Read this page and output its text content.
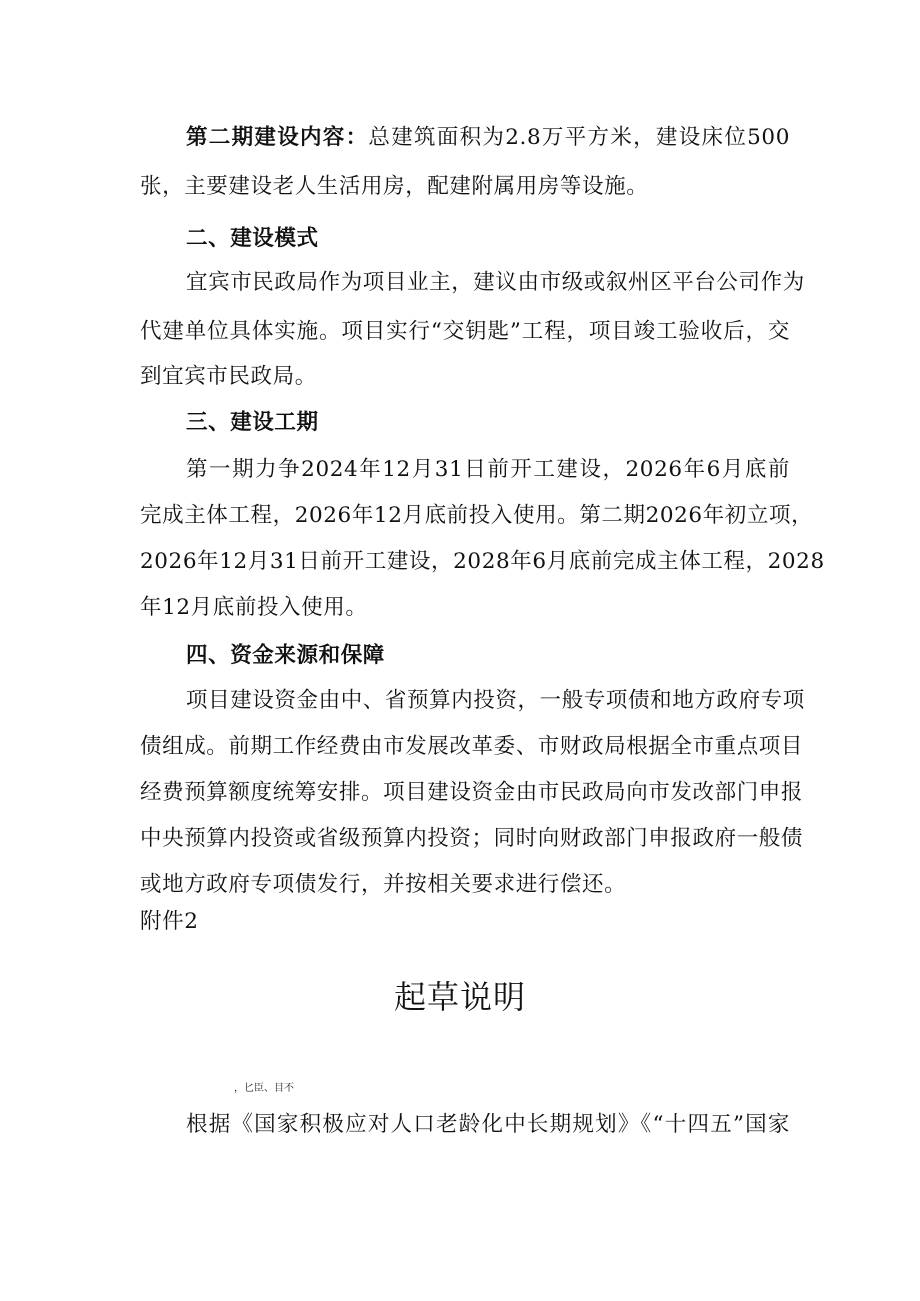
第二期建设内容：总建筑面积为2.8万平方米，建设床位500
张，主要建设老人生活用房，配建附属用房等设施。
二、建设模式
宜宾市民政局作为项目业主，建议由市级或叙州区平台公司作为
代建单位具体实施。项目实行“交钥匙”工程，项目竣工验收后，交
到宜宾市民政局。
三、建设工期
第一期力争2024年12月31日前开工建设，2026年6月底前
完成主体工程，2026年12月底前投入使用。第二期2026年初立项，
2026年12月31日前开工建设，2028年6月底前完成主体工程，2028
年12月底前投入使用。
四、资金来源和保障
项目建设资金由中、省预算内投资，一般专项债和地方政府专项
债组成。前期工作经费由市发展改革委、市财政局根据全市重点项目
经费预算额度统筹安排。项目建设资金由市民政局向市发改部门申报
中央预算内投资或省级预算内投资；同时向财政部门申报政府一般债
或地方政府专项债发行，并按相关要求进行偿还。
附件2
起草说明
，匕臣、目不
根据《国家积极应对人口老龄化中长期规划》《“十四五”国家
